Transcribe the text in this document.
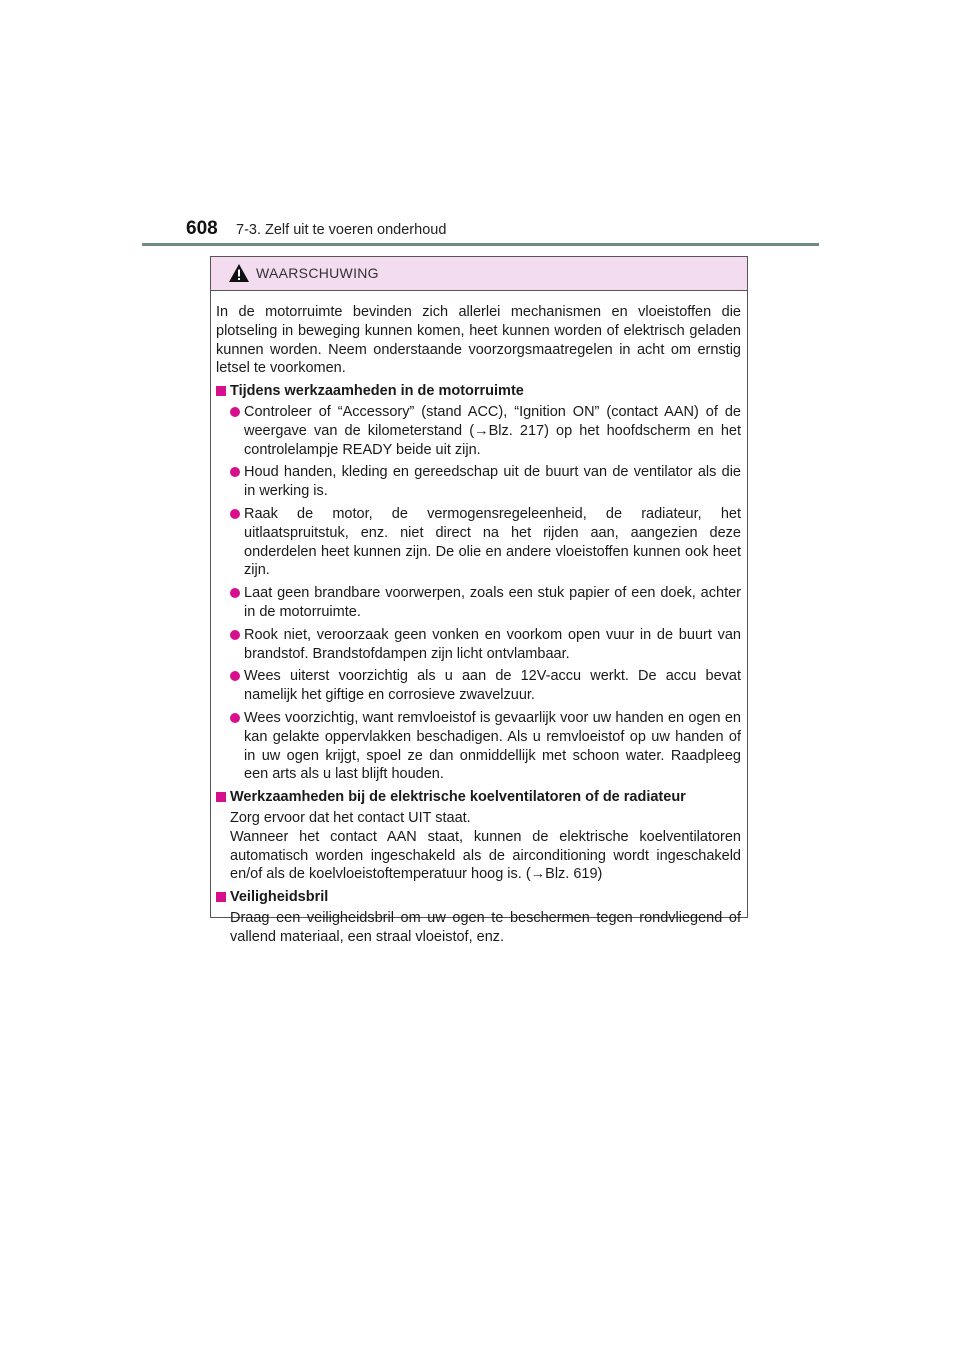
608 7-3. Zelf uit te voeren onderhoud
WAARSCHUWING

In de motorruimte bevinden zich allerlei mechanismen en vloeistoffen die plotseling in beweging kunnen komen, heet kunnen worden of elektrisch geladen kunnen worden. Neem onderstaande voorzorgsmaatregelen in acht om ernstig letsel te voorkomen.

Tijdens werkzaamheden in de motorruimte

Controleer of “Accessory” (stand ACC), “Ignition ON” (contact AAN) of de weergave van de kilometerstand (→Blz. 217) op het hoofdscherm en het controlelampje READY beide uit zijn.
Houd handen, kleding en gereedschap uit de buurt van de ventilator als die in werking is.
Raak de motor, de vermogensregeleenheid, de radiateur, het uitlaatspruitstuk, enz. niet direct na het rijden aan, aangezien deze onderdelen heet kunnen zijn. De olie en andere vloeistoffen kunnen ook heet zijn.
Laat geen brandbare voorwerpen, zoals een stuk papier of een doek, achter in de motorruimte.
Rook niet, veroorzaak geen vonken en voorkom open vuur in de buurt van brandstof. Brandstofdampen zijn licht ontvlambaar.
Wees uiterst voorzichtig als u aan de 12V-accu werkt. De accu bevat namelijk het giftige en corrosieve zwavelzuur.
Wees voorzichtig, want remvloeistof is gevaarlijk voor uw handen en ogen en kan gelakte oppervlakken beschadigen. Als u remvloeistof op uw handen of in uw ogen krijgt, spoel ze dan onmiddellijk met schoon water. Raadpleeg een arts als u last blijft houden.

Werkzaamheden bij de elektrische koelventilatoren of de radiateur

Zorg ervoor dat het contact UIT staat.
Wanneer het contact AAN staat, kunnen de elektrische koelventilatoren automatisch worden ingeschakeld als de airconditioning wordt ingeschakeld en/of als de koelvloeistoftemperatuur hoog is. (→Blz. 619)

Veiligheidsbril

Draag een veiligheidsbril om uw ogen te beschermen tegen rondvliegend of vallend materiaal, een straal vloeistof, enz.
